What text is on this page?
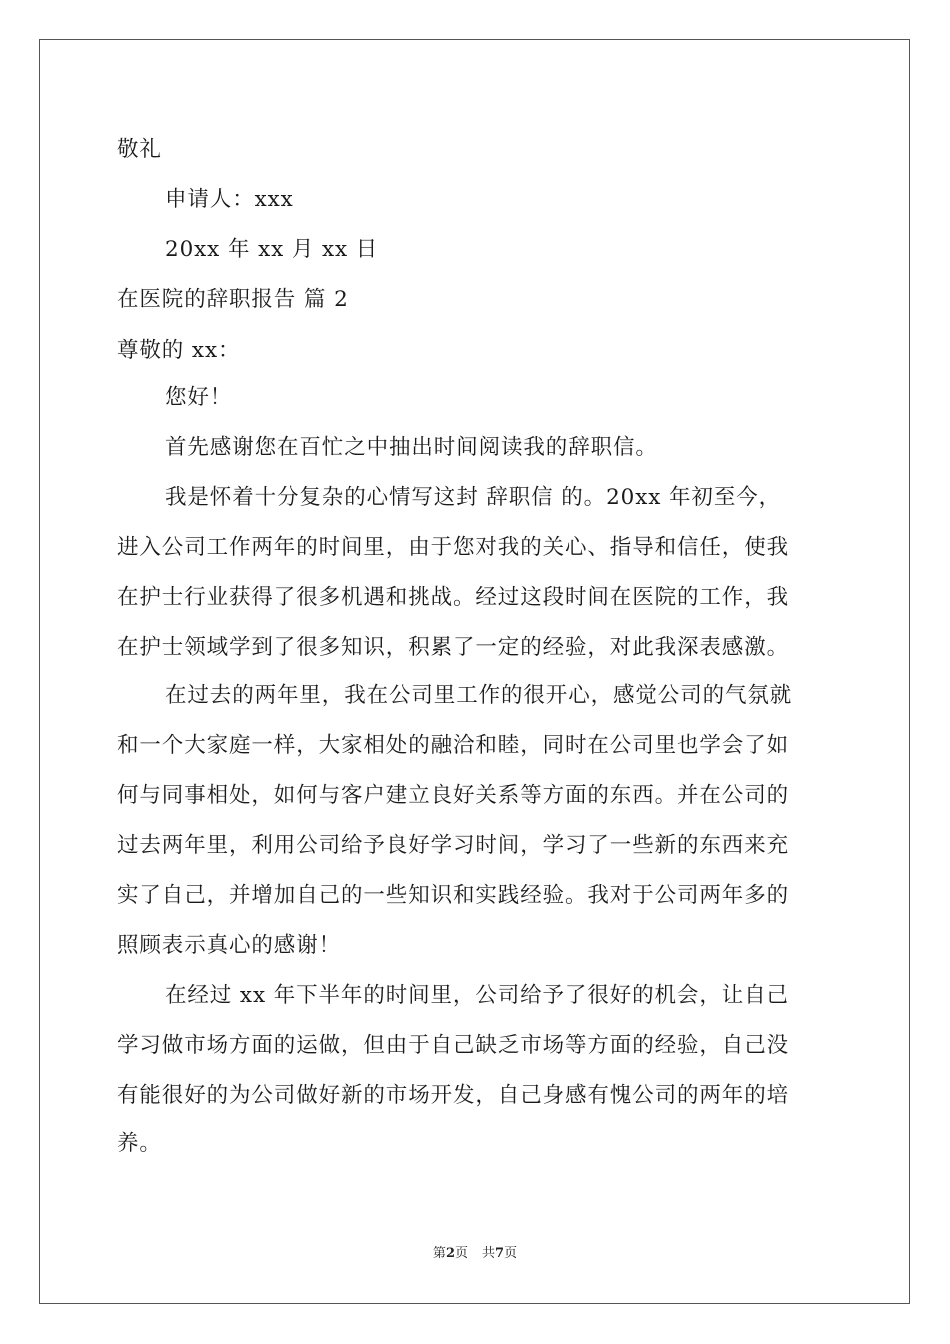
敬礼
申请人：xxx
20xx 年 xx 月 xx 日
在医院的辞职报告 篇 2
尊敬的 xx：
您好！
首先感谢您在百忙之中抽出时间阅读我的辞职信。
我是怀着十分复杂的心情写这封 辞职信 的。20xx 年初至今，
进入公司工作两年的时间里，由于您对我的关心、指导和信任，使我
在护士行业获得了很多机遇和挑战。经过这段时间在医院的工作，我
在护士领域学到了很多知识，积累了一定的经验，对此我深表感激。
在过去的两年里，我在公司里工作的很开心，感觉公司的气氛就
和一个大家庭一样，大家相处的融洽和睦，同时在公司里也学会了如
何与同事相处，如何与客户建立良好关系等方面的东西。并在公司的
过去两年里，利用公司给予良好学习时间，学习了一些新的东西来充
实了自己，并增加自己的一些知识和实践经验。我对于公司两年多的
照顾表示真心的感谢！
在经过 xx 年下半年的时间里，公司给予了很好的机会，让自己
学习做市场方面的运做，但由于自己缺乏市场等方面的经验，自己没
有能很好的为公司做好新的市场开发，自己身感有愧公司的两年的培
养。
第2页 共7页
